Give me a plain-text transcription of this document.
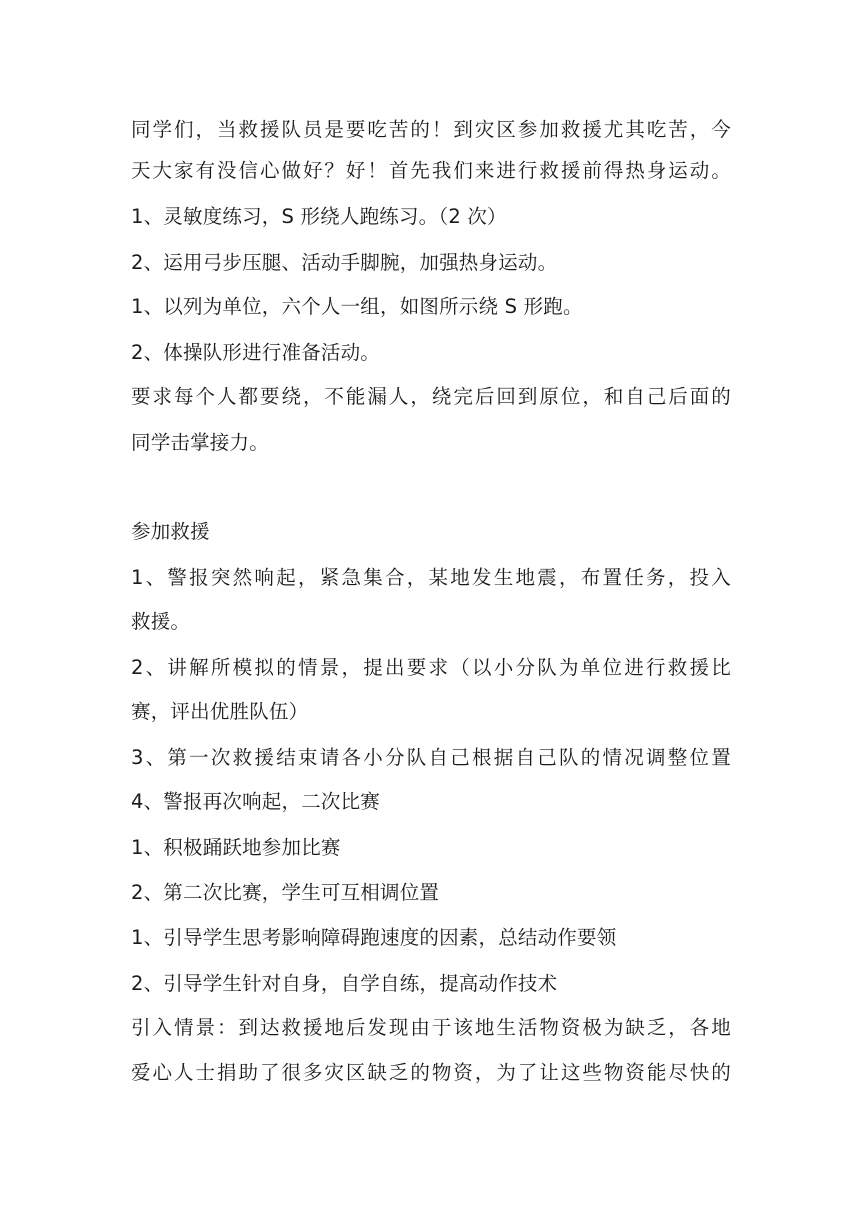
同学们，当救援队员是要吃苦的！到灾区参加救援尤其吃苦，今
天大家有没信心做好？好！首先我们来进行救援前得热身运动。
1、灵敏度练习，S 形绕人跑练习。（2 次）
2、运用弓步压腿、活动手脚腕，加强热身运动。
1、以列为单位，六个人一组，如图所示绕 S 形跑。
2、体操队形进行准备活动。
要求每个人都要绕，不能漏人，绕完后回到原位，和自己后面的
同学击掌接力。
参加救援
1、警报突然响起，紧急集合，某地发生地震，布置任务，投入
救援。
2、讲解所模拟的情景，提出要求（以小分队为单位进行救援比
赛，评出优胜队伍）
3、第一次救援结束请各小分队自己根据自己队的情况调整位置
4、警报再次响起，二次比赛
1、积极踊跃地参加比赛
2、第二次比赛，学生可互相调位置
1、引导学生思考影响障碍跑速度的因素，总结动作要领
2、引导学生针对自身，自学自练，提高动作技术
引入情景：到达救援地后发现由于该地生活物资极为缺乏，各地
爱心人士捐助了很多灾区缺乏的物资，为了让这些物资能尽快的
